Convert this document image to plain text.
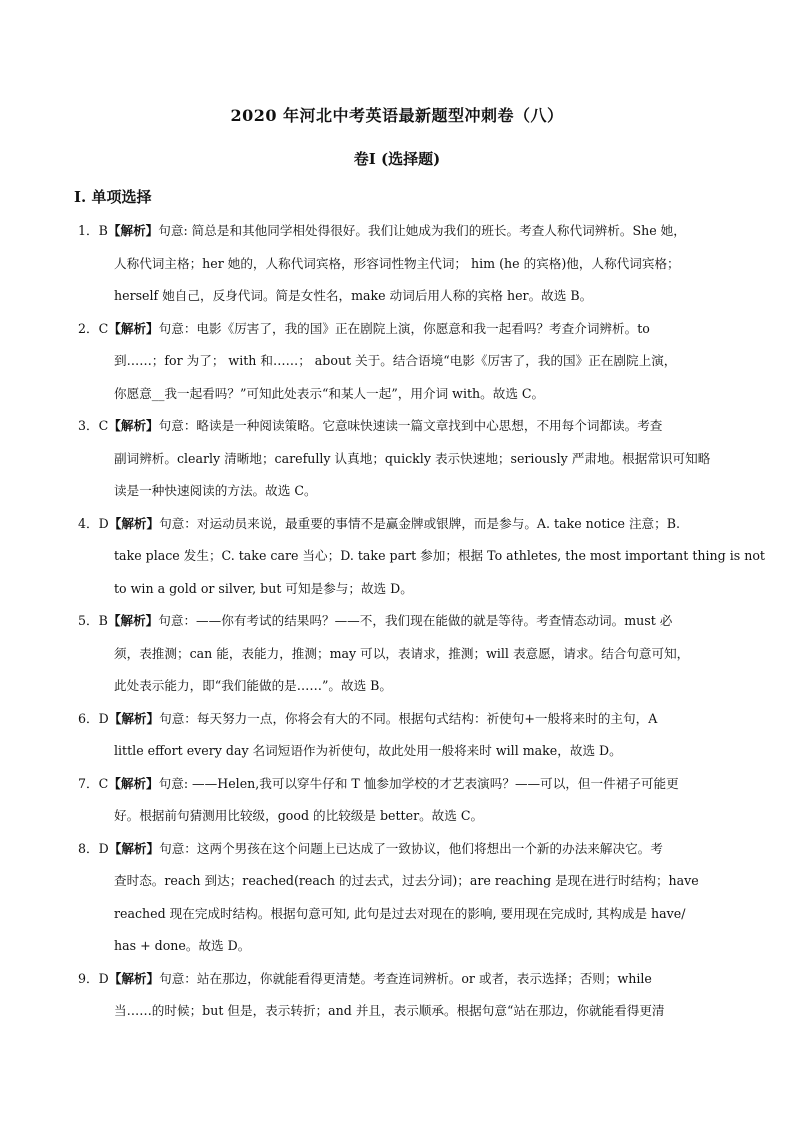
2020 年河北中考英语最新题型冲刺卷（八）
卷I (选择题)
I. 单项选择
1．B【解析】句意: 简总是和其他同学相处得很好。我们让她成为我们的班长。考查人称代词辨析。She 她，
人称代词主格；her 她的，人称代词宾格，形容词性物主代词； him (he 的宾格)他，人称代词宾格；
herself 她自己，反身代词。简是女性名，make 动词后用人称的宾格 her。故选 B。
2．C【解析】句意：电影《厉害了，我的国》正在剧院上演，你愿意和我一起看吗？考查介词辨析。to
到……；for 为了； with 和……； about 关于。结合语境“电影《厉害了，我的国》正在剧院上演，
你愿意__我一起看吗？”可知此处表示“和某人一起”，用介词 with。故选 C。
3．C【解析】句意：略读是一种阅读策略。它意味快速读一篇文章找到中心思想，不用每个词都读。考查
副词辨析。clearly 清晰地；carefully 认真地；quickly 表示快速地；seriously 严肃地。根据常识可知略
读是一种快速阅读的方法。故选 C。
4．D【解析】句意：对运动员来说，最重要的事情不是赢金牌或银牌，而是参与。A. take notice 注意；B.
take place 发生；C. take care 当心；D. take part 参加；根据 To athletes, the most important thing is not
to win a gold or silver, but 可知是参与；故选 D。
5．B【解析】句意：——你有考试的结果吗？——不，我们现在能做的就是等待。考查情态动词。must 必
须，表推测；can 能，表能力，推测；may 可以，表请求，推测；will 表意愿，请求。结合句意可知，
此处表示能力，即“我们能做的是……”。故选 B。
6．D【解析】句意：每天努力一点，你将会有大的不同。根据句式结构：祈使句+一般将来时的主句，A
little effort every day 名词短语作为祈使句，故此处用一般将来时 will make，故选 D。
7．C【解析】句意: ——Helen,我可以穿牛仔和 T 恤参加学校的才艺表演吗？——可以，但一件裙子可能更
好。根据前句猜测用比较级，good 的比较级是 better。故选 C。
8．D【解析】句意：这两个男孩在这个问题上已达成了一致协议，他们将想出一个新的办法来解决它。考
查时态。reach 到达；reached(reach 的过去式，过去分词)；are reaching 是现在进行时结构；have
reached 现在完成时结构。根据句意可知, 此句是过去对现在的影响, 要用现在完成时, 其构成是 have/
has + done。故选 D。
9．D【解析】句意：站在那边，你就能看得更清楚。考查连词辨析。or 或者，表示选择；否则；while
当……的时候；but 但是，表示转折；and 并且，表示顺承。根据句意“站在那边，你就能看得更清
